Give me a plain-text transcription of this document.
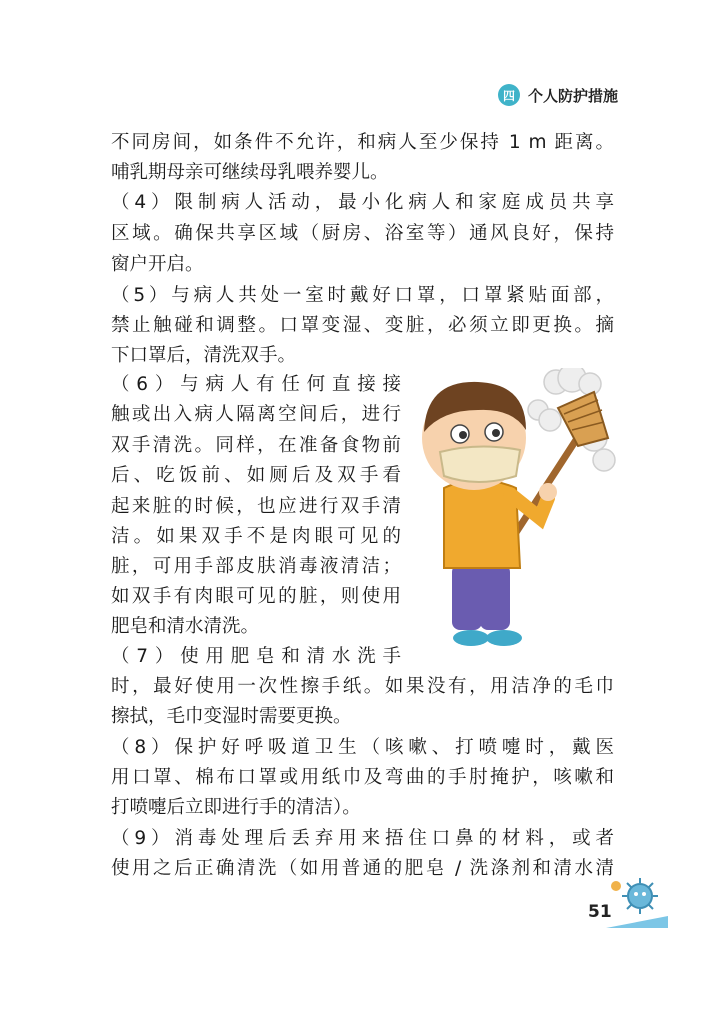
四 个人防护措施
不同房间，如条件不允许，和病人至少保持 1 m 距离。
哺乳期母亲可继续母乳喂养婴儿。
（4）限制病人活动，最小化病人和家庭成员共享
区域。确保共享区域（厨房、浴室等）通风良好，保持
窗户开启。
（5）与病人共处一室时戴好口罩，口罩紧贴面部，
禁止触碰和调整。口罩变湿、变脏，必须立即更换。摘
下口罩后，清洗双手。
（6）与病人有任何直接接
触或出入病人隔离空间后，进行
双手清洗。同样，在准备食物前
后、吃饭前、如厕后及双手看
起来脏的时候，也应进行双手清
洁。如果双手不是肉眼可见的
脏，可用手部皮肤消毒液清洁；
如双手有肉眼可见的脏，则使用
肥皂和清水清洗。
（7）使用肥皂和清水洗手
时，最好使用一次性擦手纸。如果没有，用洁净的毛巾
擦拭，毛巾变湿时需要更换。
（8）保护好呼吸道卫生（咳嗽、打喷嚏时，戴医
用口罩、棉布口罩或用纸巾及弯曲的手肘掩护，咳嗽和
打喷嚏后立即进行手的清洁）。
（9）消毒处理后丢弃用来捂住口鼻的材料，或者
使用之后正确清洗（如用普通的肥皂 / 洗涤剂和清水清
51
